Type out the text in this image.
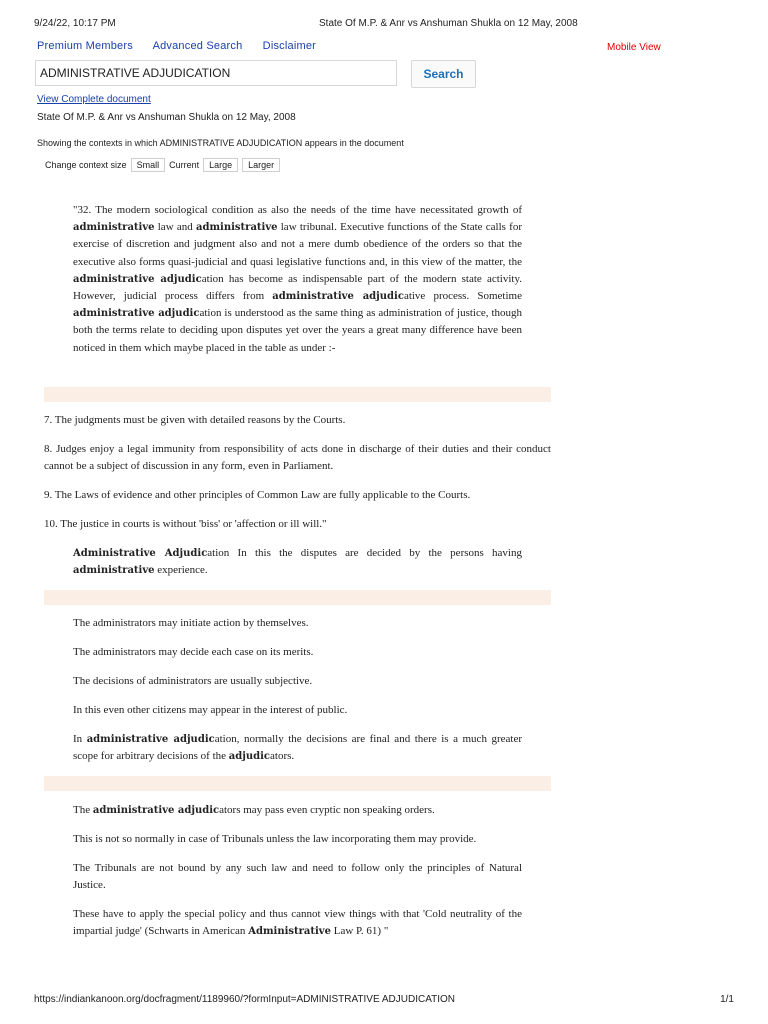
9/24/22, 10:17 PM	State Of M.P. & Anr vs Anshuman Shukla on 12 May, 2008
Premium Members Advanced Search Disclaimer	Mobile View
ADMINISTRATIVE ADJUDICATION
Search
View Complete document
State Of M.P. & Anr vs Anshuman Shukla on 12 May, 2008
Showing the contexts in which ADMINISTRATIVE ADJUDICATION appears in the document
Change context size	Small	Current	Large	Larger

"32. The modern sociological condition as also the needs of the time have necessitated growth of administrative law and administrative law tribunal. Executive functions of the State calls for exercise of discretion and judgment also and not a mere dumb obedience of the orders so that the executive also forms quasi-judicial and quasi legislative functions and, in this view of the matter, the administrative adjudication has become as indispensable part of the modern state activity. However, judicial process differs from administrative adjudicative process. Sometime administrative adjudication is understood as the same thing as administration of justice, though both the terms relate to deciding upon disputes yet over the years a great many difference have been noticed in them which maybe placed in the table as under :-

7. The judgments must be given with detailed reasons by the Courts.

8. Judges enjoy a legal immunity from responsibility of acts done in discharge of their duties and their conduct cannot be a subject of discussion in any form, even in Parliament.

9. The Laws of evidence and other principles of Common Law are fully applicable to the Courts.

10. The justice in courts is without 'biss' or 'affection or ill will."

Administrative Adjudication In this the disputes are decided by the persons having administrative experience.

The administrators may initiate action by themselves.

The administrators may decide each case on its merits.

The decisions of administrators are usually subjective.

In this even other citizens may appear in the interest of public.

In administrative adjudication, normally the decisions are final and there is a much greater scope for arbitrary decisions of the adjudicators.

The administrative adjudicators may pass even cryptic non speaking orders.

This is not so normally in case of Tribunals unless the law incorporating them may provide.

The Tribunals are not bound by any such law and need to follow only the principles of Natural Justice.

These have to apply the special policy and thus cannot view things with that 'Cold neutrality of the impartial judge' (Schwarts in American Administrative Law P. 61) "

https://indiankanoon.org/docfragment/1189960/?formInput=ADMINISTRATIVE ADJUDICATION	1/1
